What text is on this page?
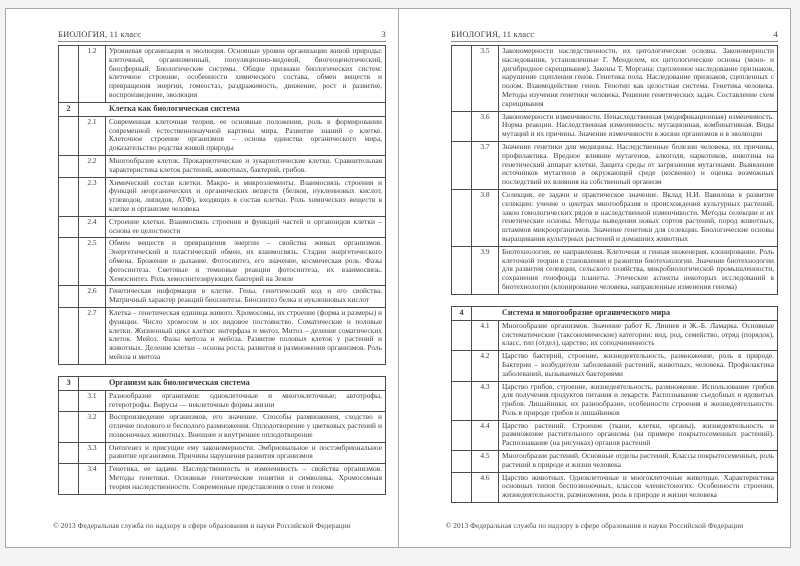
БИОЛОГИЯ, 11 класс	3
	1.2	Уровневая организация и эволюция. Основные уровни организации живой природы: клеточный, организменный, популяционно-видовой, биогеоценотический, биосферный. Биологические системы. Общие признаки биологических систем: клеточное строение, особенности химического состава, обмен веществ и превращения энергии, гомеостаз, раздражимость, движение, рост и развитие, воспроизведение, эволюция
2	Клетка как биологическая система	
	2.1	Современная клеточная теория, ее основные положения, роль в формировании современной естественнонаучной картины мира. Развитие знаний о клетке. Клеточное строение организмов – основа единства органического мира, доказательство родства живой природы
	2.2	Многообразие клеток. Прокариотические и эукариотические клетки. Сравнительная характеристика клеток растений, животных, бактерий, грибов.
	2.3	Химический состав клетки. Макро- и микроэлементы. Взаимосвязь строения и функций неорганических и органических веществ (белков, нуклеиновых кислот, углеводов, липидов, АТФ), входящих в состав клетки. Роль химических веществ в клетке и организме человека
	2.4	Строение клетки. Взаимосвязь строения и функций частей и органоидов клетки – основа ее целостности
	2.5	Обмен веществ и превращения энергии – свойства живых организмов. Энергетический и пластический обмен, их взаимосвязь. Стадии энергетического обмена. Брожение и дыхание. Фотосинтез, его значение, космическая роль. Фазы фотосинтеза. Световые и темновые реакции фотосинтеза, их взаимосвязь. Хемосинтез. Роль хемосинтезирующих бактерий на Земле
	2.6	Генетическая информация в клетке. Гены, генетический код и его свойства. Матричный характер реакций биосинтеза. Биосинтез белка и нуклеиновых кислот
	2.7	Клетка – генетическая единица живого. Хромосомы, их строение (форма и размеры) и функции. Число хромосом и их видовое постоянство. Соматические и половые клетки. Жизненный цикл клетки: интерфаза и митоз. Митоз – деление соматических клеток. Мейоз. Фазы митоза и мейоза. Развитие половых клеток у растений и животных. Деление клетки – основа роста, развития и размножения организмов. Роль мейоза и митоза
3	Организм как биологическая система	
	3.1	Разнообразие организмов: одноклеточные и многоклеточные; автотрофы, гетеротрофы. Вирусы — неклеточные формы жизни
	3.2	Воспроизведение организмов, его значение. Способы размножения, сходство и отличие полового и бесполого размножения. Оплодотворение у цветковых растений и позвоночных животных. Внешнее и внутреннее оплодотворение
	3.3	Онтогенез и присущие ему закономерности. Эмбриональное и постэмбриональное развитие организмов. Причины нарушения развития организмов
	3.4	Генетика, ее задачи. Наследственность и изменчивость – свойства организмов. Методы генетики. Основные генетические понятия и символика. Хромосомная теория наследственности. Современные представления о гене и геноме
© 2013 Федеральная служба по надзору в сфере образования и науки Российской Федерации
БИОЛОГИЯ, 11 класс	4
	3.5	Закономерности наследственности, их цитологические основы. Закономерности наследования, установленные Г. Менделем, их цитологические основы (моно- и дигибридное скрещивание). Законы Т. Моргана: сцепленное наследование признаков, нарушение сцепления генов. Генетика пола. Наследование признаков, сцепленных с полом. Взаимодействие генов. Генотип как целостная система. Генетика человека. Методы изучения генетики человека. Решение генетических задач. Составление схем скрещивания
	3.6	Закономерности изменчивости. Ненаследственная (модификационная) изменчивость. Норма реакции. Наследственная изменчивость: мутационная, комбинативная. Виды мутаций и их причины. Значение изменчивости в жизни организмов и в эволюции
	3.7	Значение генетики для медицины. Наследственные болезни человека, их причины, профилактика. Вредное влияние мутагенов, алкоголя, наркотиков, никотина на генетический аппарат клетки. Защита среды от загрязнения мутагенами. Выявление источников мутагенов в окружающей среде (косвенно) и оценка возможных последствий их влияния на собственный организм
	3.8	Селекция, ее задачи и практическое значение. Вклад Н.И. Вавилова в развитие селекции: учение о центрах многообразия и происхождения культурных растений, закон гомологических рядов в наследственной изменчивости. Методы селекции и их генетические основы. Методы выведения новых сортов растений, пород животных, штаммов микроорганизмов. Значение генетики для селекции. Биологические основы выращивания культурных растений и домашних животных
	3.9	Биотехнология, ее направления. Клеточная и генная инженерия, клонирование. Роль клеточной теории в становлении и развитии биотехнологии. Значение биотехнологии для развития селекции, сельского хозяйства, микробиологической промышленности, сохранения генофонда планеты. Этические аспекты некоторых исследований в биотехнологии (клонирование человека, направленные изменения генома)
4	Система и многообразие органического мира	
	4.1	Многообразие организмов. Значение работ К. Линнея и Ж.-Б. Ламарка. Основные систематические (таксономические) категории: вид, род, семейство, отряд (порядок), класс, тип (отдел), царство; их соподчиненность
	4.2	Царство бактерий, строение, жизнедеятельность, размножение, роль в природе. Бактерии – возбудители заболеваний растений, животных, человека. Профилактика заболеваний, вызываемых бактериями
	4.3	Царство грибов, строение, жизнедеятельность, размножение. Использование грибов для получения продуктов питания и лекарств. Распознавание съедобных и ядовитых грибов. Лишайники, их разнообразие, особенности строения и жизнедеятельности. Роль в природе грибов и лишайников
	4.4	Царство растений. Строение (ткани, клетки, органы), жизнедеятельность и размножение растительного организма (на примере покрытосеменных растений). Распознавание (на рисунках) органов растений
	4.5	Многообразие растений. Основные отделы растений. Классы покрытосеменных, роль растений в природе и жизни человека
	4.6	Царство животных. Одноклеточные и многоклеточные животные. Характеристика основных типов беспозвоночных, классов членистоногих. Особенности строения, жизнедеятельности, размножения, роль в природе и жизни человека
© 2013 Федеральная служба по надзору в сфере образования и науки Российской Федерации
